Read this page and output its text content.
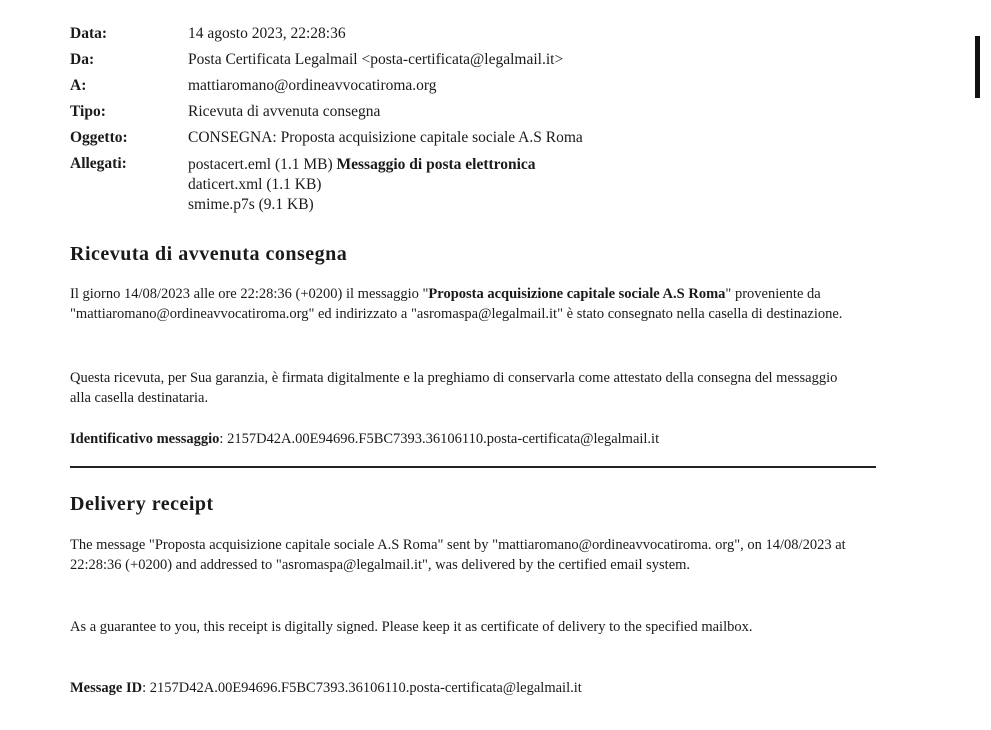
Data:	14 agosto 2023, 22:28:36
Da:	Posta Certificata Legalmail <posta-certificata@legalmail.it>
A:	mattiaromano@ordineavvocatiroma.org
Tipo:	Ricevuta di avvenuta consegna
Oggetto:	CONSEGNA: Proposta acquisizione capitale sociale A.S Roma
Allegati:	postacert.eml (1.1 MB) Messaggio di posta elettronica
daticert.xml (1.1 KB)
smime.p7s (9.1 KB)
Ricevuta di avvenuta consegna

Il giorno 14/08/2023 alle ore 22:28:36 (+0200) il messaggio "Proposta acquisizione capitale sociale A.S Roma" proveniente da "mattiaromano@ordineavvocatiroma.org" ed indirizzato a "asromaspa@legalmail.it" è stato consegnato nella casella di destinazione.

Questa ricevuta, per Sua garanzia, è firmata digitalmente e la preghiamo di conservarla come attestato della consegna del messaggio alla casella destinataria.

Identificativo messaggio: 2157D42A.00E94696.F5BC7393.36106110.posta-certificata@legalmail.it

Delivery receipt

The message "Proposta acquisizione capitale sociale A.S Roma" sent by "mattiaromano@ordineavvocatiroma. org", on 14/08/2023 at 22:28:36 (+0200) and addressed to "asromaspa@legalmail.it", was delivered by the certified email system.

As a guarantee to you, this receipt is digitally signed. Please keep it as certificate of delivery to the specified mailbox.

Message ID: 2157D42A.00E94696.F5BC7393.36106110.posta-certificata@legalmail.it
